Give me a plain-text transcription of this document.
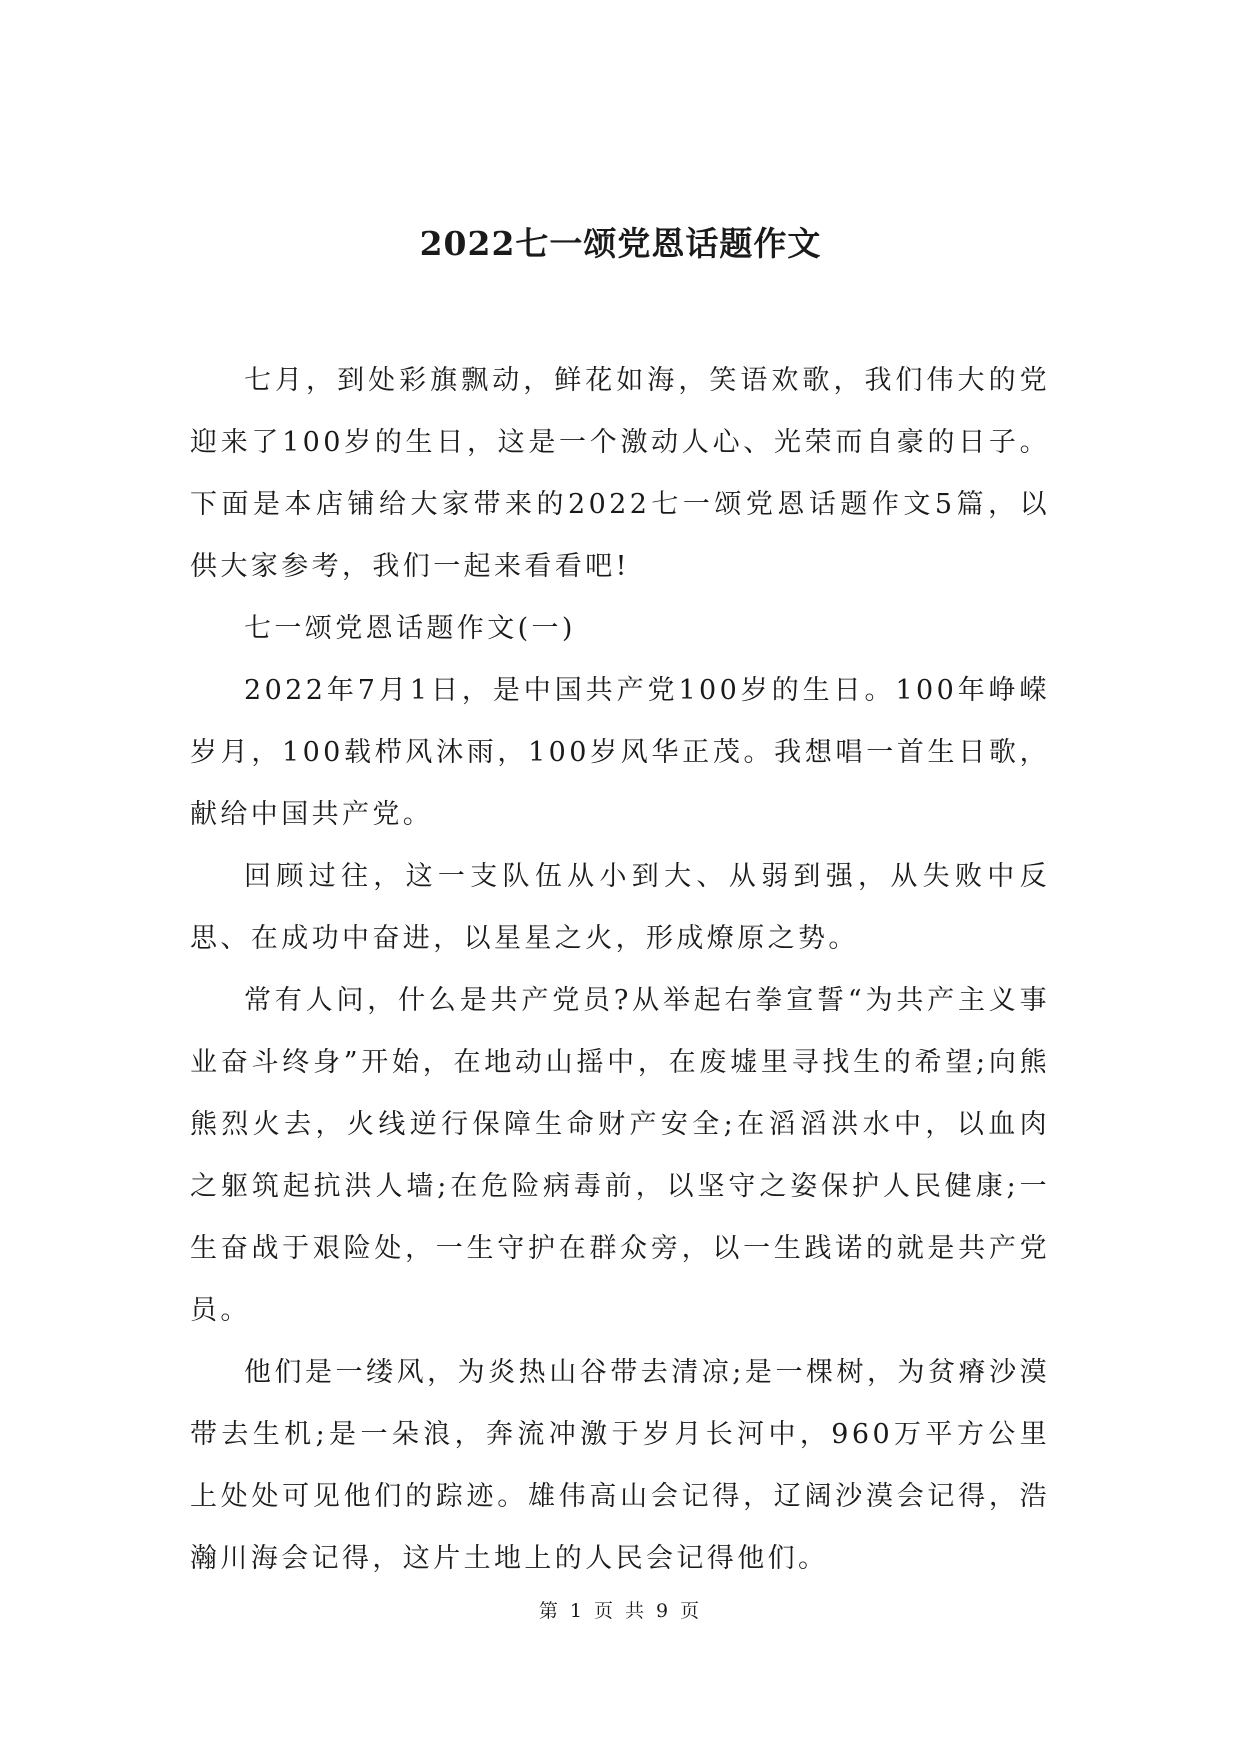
2022七一颂党恩话题作文

七月，到处彩旗飘动，鲜花如海，笑语欢歌，我们伟大的党迎来了100岁的生日，这是一个激动人心、光荣而自豪的日子。下面是本店铺给大家带来的2022七一颂党恩话题作文5篇，以供大家参考，我们一起来看看吧!

七一颂党恩话题作文(一)

2022年7月1日，是中国共产党100岁的生日。100年峥嵘岁月，100载栉风沐雨，100岁风华正茂。我想唱一首生日歌，献给中国共产党。

回顾过往，这一支队伍从小到大、从弱到强，从失败中反思、在成功中奋进，以星星之火，形成燎原之势。

常有人问，什么是共产党员?从举起右拳宣誓“为共产主义事业奋斗终身”开始，在地动山摇中，在废墟里寻找生的希望;向熊熊烈火去，火线逆行保障生命财产安全;在滔滔洪水中，以血肉之躯筑起抗洪人墙;在危险病毒前，以坚守之姿保护人民健康;一生奋战于艰险处，一生守护在群众旁，以一生践诺的就是共产党员。

他们是一缕风，为炎热山谷带去清凉;是一棵树，为贫瘠沙漠带去生机;是一朵浪，奔流冲激于岁月长河中，960万平方公里上处处可见他们的踪迹。雄伟高山会记得，辽阔沙漠会记得，浩瀚川海会记得，这片土地上的人民会记得他们。

第 1 页 共 9 页
